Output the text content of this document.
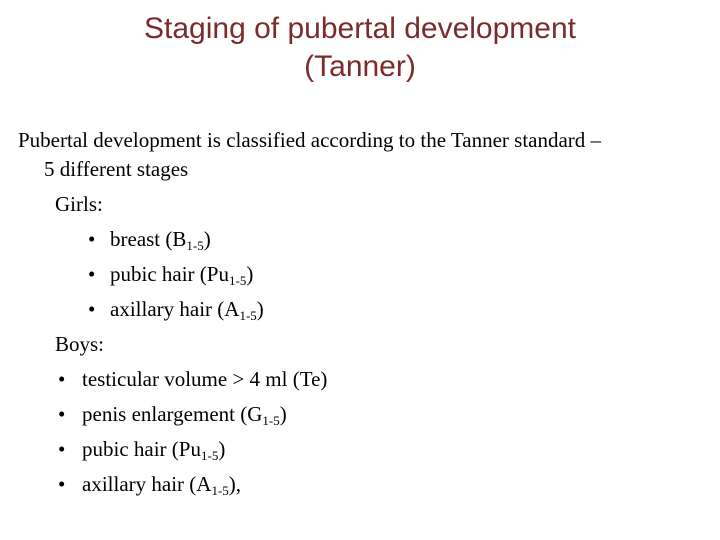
Staging of pubertal development
(Tanner)
Pubertal development is classified according to the Tanner standard –
5 different stages
Girls:
• breast $(B_{1-5})$
• pubic hair $(Pu_{1-5})$
• axillary hair $(A_{1-5})$
Boys:
• testicular volume > 4 ml (Te)
• penis enlargement $(G_{1-5})$
• pubic hair $(Pu_{1-5})$
• axillary hair $(A_{1-5})$,
